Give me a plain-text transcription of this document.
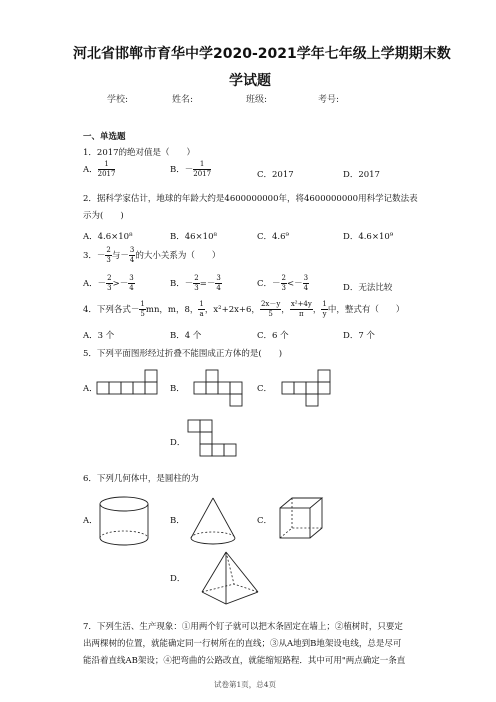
河北省邯郸市育华中学2020-2021学年七年级上学期期末数
学试题
学校:	姓名:	班级:	考号:
一、单选题
1．2017的绝对值是（　　）
A． $\frac{1}{2017}$	B．－ $\frac{1}{2017}$	C．2017	D．2017
2．据科学家估计，地球的年龄大约是4600000000年，将4600000000用科学记数法表
示为(　　)
A．4.6×10⁸	B．46×10⁸	C．4.6⁹	D．4.6×10⁹
3．－ $\frac{2}{3}$ 与－ $\frac{3}{4}$ 的大小关系为（　　）
A．－ $\frac{2}{3} >- \frac{3}{4}$	B．－ $\frac{2}{3} =- \frac{3}{4}$	C．－ $\frac{2}{3} <- \frac{3}{4}$	D．无法比较
4．下列各式－ $\frac{1}{5}$ mn，m，8， $\frac{1}{a}$ ，x²+2x+6， $\frac{2x-y}{5}$ ， $\frac{\text{x²+4y}}{\pi}$ ， $\frac{1}{y}$ 中，整式有（　　）
A．3 个	B．4 个	C．6 个	D．7 个
5．下列平面图形经过折叠不能围成正方体的是(　　)
A．	B．	C．
D．
6．下列几何体中，是圆柱的为
A．	B．	C．
D．
7．下列生活、生产现象：①用两个钉子就可以把木条固定在墙上；②植树时，只要定
出两棵树的位置，就能确定同一行树所在的直线；③从A地到B地架设电线，总是尽可
能沿着直线AB架设；④把弯曲的公路改直，就能缩短路程．其中可用"两点确定一条直
试卷第1页，总4页
